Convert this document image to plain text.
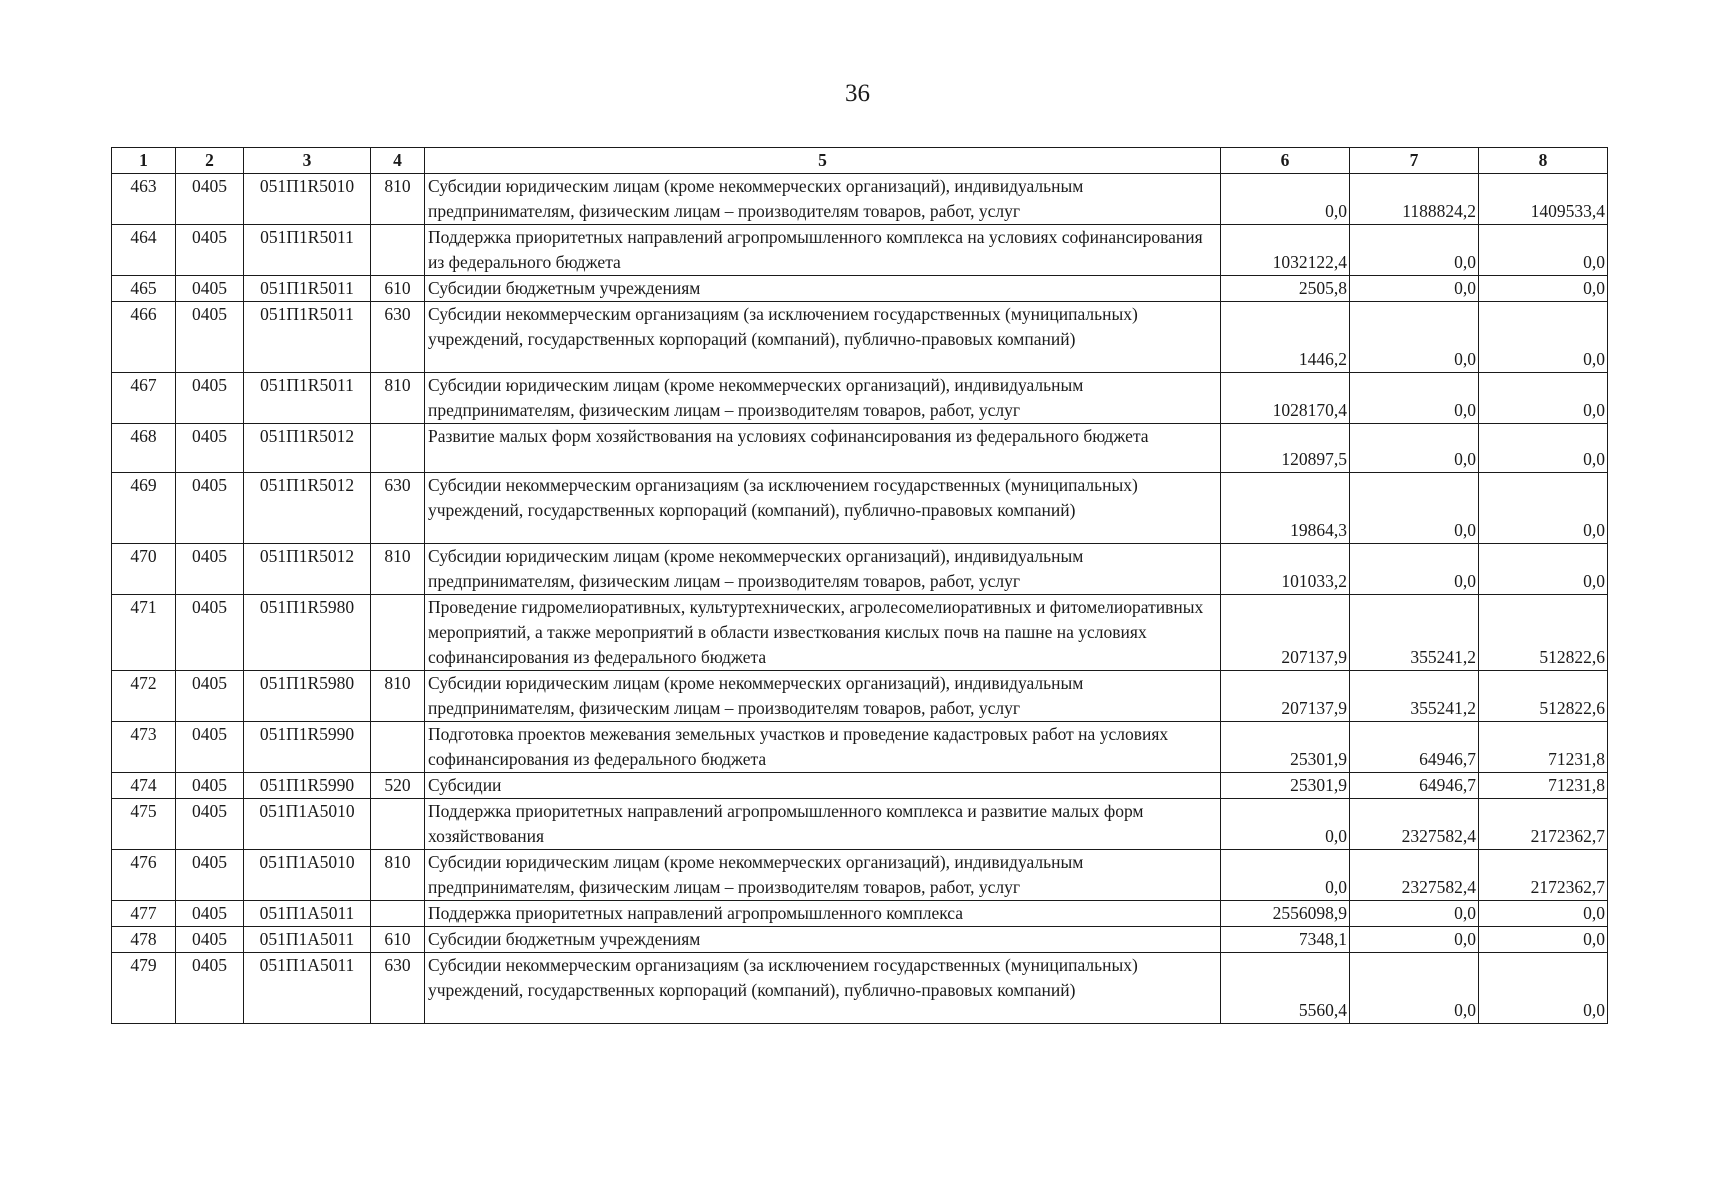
36
1	2	3	4	5	6	7	8
463	0405	051П1R5010	810	Субсидии юридическим лицам (кроме некоммерческих организаций), индивидуальным предпринимателям, физическим лицам – производителям товаров, работ, услуг	0,0	1188824,2	1409533,4
464	0405	051П1R5011		Поддержка приоритетных направлений агропромышленного комплекса на условиях софинансирования из федерального бюджета	1032122,4	0,0	0,0
465	0405	051П1R5011	610	Субсидии бюджетным учреждениям	2505,8	0,0	0,0
466	0405	051П1R5011	630	Субсидии некоммерческим организациям (за исключением государственных (муниципальных) учреждений, государственных корпораций (компаний), публично-правовых компаний)	1446,2	0,0	0,0
467	0405	051П1R5011	810	Субсидии юридическим лицам (кроме некоммерческих организаций), индивидуальным предпринимателям, физическим лицам – производителям товаров, работ, услуг	1028170,4	0,0	0,0
468	0405	051П1R5012		Развитие малых форм хозяйствования на условиях софинансирования из федерального бюджета	120897,5	0,0	0,0
469	0405	051П1R5012	630	Субсидии некоммерческим организациям (за исключением государственных (муниципальных) учреждений, государственных корпораций (компаний), публично-правовых компаний)	19864,3	0,0	0,0
470	0405	051П1R5012	810	Субсидии юридическим лицам (кроме некоммерческих организаций), индивидуальным предпринимателям, физическим лицам – производителям товаров, работ, услуг	101033,2	0,0	0,0
471	0405	051П1R5980		Проведение гидромелиоративных, культуртехнических, агролесомелиоративных и фитомелиоративных мероприятий, а также мероприятий в области известкования кислых почв на пашне на условиях софинансирования из федерального бюджета	207137,9	355241,2	512822,6
472	0405	051П1R5980	810	Субсидии юридическим лицам (кроме некоммерческих организаций), индивидуальным предпринимателям, физическим лицам – производителям товаров, работ, услуг	207137,9	355241,2	512822,6
473	0405	051П1R5990		Подготовка проектов межевания земельных участков и проведение кадастровых работ на условиях софинансирования из федерального бюджета	25301,9	64946,7	71231,8
474	0405	051П1R5990	520	Субсидии	25301,9	64946,7	71231,8
475	0405	051П1А5010		Поддержка приоритетных направлений агропромышленного комплекса и развитие малых форм хозяйствования	0,0	2327582,4	2172362,7
476	0405	051П1А5010	810	Субсидии юридическим лицам (кроме некоммерческих организаций), индивидуальным предпринимателям, физическим лицам – производителям товаров, работ, услуг	0,0	2327582,4	2172362,7
477	0405	051П1А5011		Поддержка приоритетных направлений агропромышленного комплекса	2556098,9	0,0	0,0
478	0405	051П1А5011	610	Субсидии бюджетным учреждениям	7348,1	0,0	0,0
479	0405	051П1А5011	630	Субсидии некоммерческим организациям (за исключением государственных (муниципальных) учреждений, государственных корпораций (компаний), публично-правовых компаний)	5560,4	0,0	0,0
